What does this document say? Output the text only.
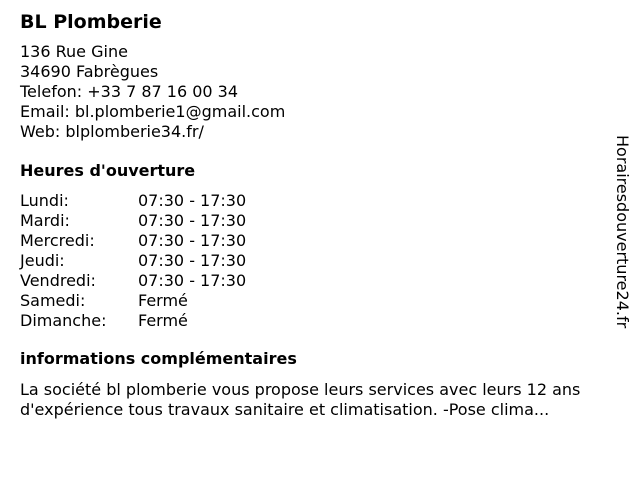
BL Plomberie
136 Rue Gine
34690 Fabrègues
Telefon: +33 7 87 16 00 34
Email: bl.plomberie1@gmail.com
Web: blplomberie34.fr/
Heures d'ouverture
Lundi:	07:30 - 17:30
Mardi:	07:30 - 17:30
Mercredi:	07:30 - 17:30
Jeudi:	07:30 - 17:30
Vendredi:	07:30 - 17:30
Samedi:	Fermé
Dimanche:	Fermé
informations complémentaires
La société bl plomberie vous propose leurs services avec leurs 12 ans d'expérience tous travaux sanitaire et climatisation. -Pose clima...
Horairesdouverture24.fr
